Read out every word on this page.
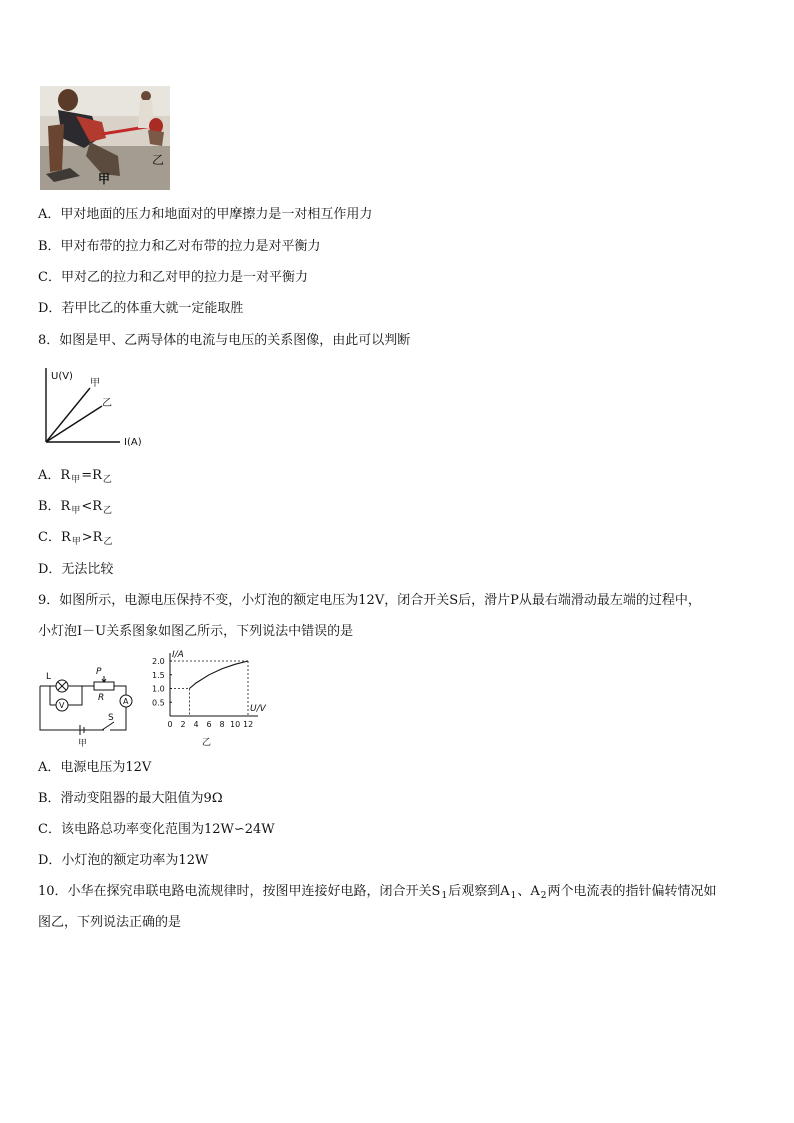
乙
甲
A．甲对地面的压力和地面对的甲摩擦力是一对相互作用力
B．甲对布带的拉力和乙对布带的拉力是对平衡力
C．甲对乙的拉力和乙对甲的拉力是一对平衡力
D．若甲比乙的体重大就一定能取胜
8．如图是甲、乙两导体的电流与电压的关系图像，由此可以判断
U(V)
甲
乙
I(A)
A．$R_甲=R_乙$
B．$R_甲<R_乙$
C．$R_甲>R_乙$
D．无法比较
9．如图所示，电源电压保持不变，小灯泡的额定电压为12V，闭合开关S后，滑片P从最右端滑动最左端的过程中，
小灯泡I－U关系图象如图乙所示，下列说法中错误的是
L	P
R
V	A
S
甲
I/A
U/V
乙
0.5
1.0
1.5
2.0
0 2 4 6 8 10 12
A．电源电压为12V
B．滑动变阻器的最大阻值为9Ω
C．该电路总功率变化范围为12W∽24W
D．小灯泡的额定功率为12W
10．小华在探究串联电路电流规律时，按图甲连接好电路，闭合开关$S_1$后观察到$A_1$、$A_2$两个电流表的指针偏转情况如
图乙，下列说法正确的是
